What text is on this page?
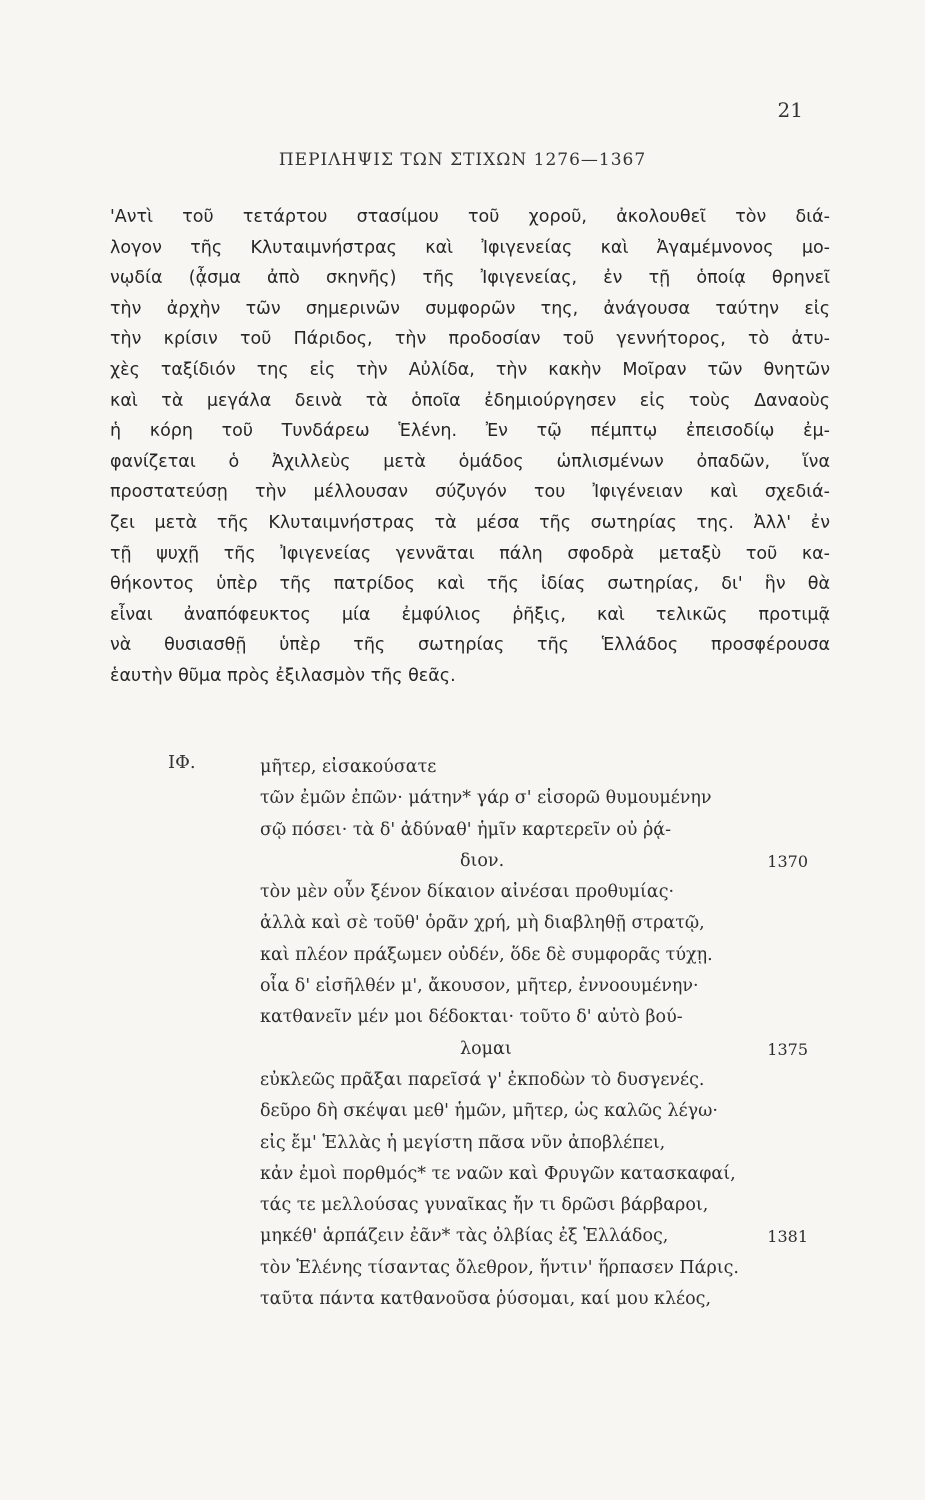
21
ΠΕΡΙΛΗΨΙΣ ΤΩΝ ΣΤΙΧΩΝ 1276—1367
'Αντὶ τοῦ τετάρτου στασίμου τοῦ χοροῦ, ἀκολουθεῖ τὸν διά-
λογον τῆς Κλυταιμνήστρας καὶ Ἰφιγενείας καὶ Ἀγαμέμνονος μο-
νῳδία (ᾆσμα ἀπὸ σκηνῆς) τῆς Ἰφιγενείας, ἐν τῇ ὁποίᾳ θρηνεῖ
τὴν ἀρχὴν τῶν σημερινῶν συμφορῶν της, ἀνάγουσα ταύτην εἰς
τὴν κρίσιν τοῦ Πάριδος, τὴν προδοσίαν τοῦ γεννήτορος, τὸ ἀτυ-
χὲς ταξίδιόν της εἰς τὴν Αὐλίδα, τὴν κακὴν Μοῖραν τῶν θνητῶν
καὶ τὰ μεγάλα δεινὰ τὰ ὁποῖα ἐδημιούργησεν εἰς τοὺς Δαναοὺς
ἡ κόρη τοῦ Τυνδάρεω Ἑλένη. Ἐν τῷ πέμπτῳ ἐπεισοδίῳ ἐμ-
φανίζεται ὁ Ἀχιλλεὺς μετὰ ὁμάδος ὡπλισμένων ὀπαδῶν, ἵνα
προστατεύσῃ τὴν μέλλουσαν σύζυγόν του Ἰφιγένειαν καὶ σχεδιά-
ζει μετὰ τῆς Κλυταιμνήστρας τὰ μέσα τῆς σωτηρίας της. Ἀλλ' ἐν
τῇ ψυχῇ τῆς Ἰφιγενείας γεννᾶται πάλη σφοδρὰ μεταξὺ τοῦ κα-
θήκοντος ὑπὲρ τῆς πατρίδος καὶ τῆς ἰδίας σωτηρίας, δι' ἣν θὰ
εἶναι ἀναπόφευκτος μία ἐμφύλιος ῥῆξις, καὶ τελικῶς προτιμᾷ
νὰ θυσιασθῇ ὑπὲρ τῆς σωτηρίας τῆς Ἑλλάδος προσφέρουσα
ἑαυτὴν θῦμα πρὸς ἐξιλασμὸν τῆς θεᾶς.
ΙΦ.	μῆτερ, εἰσακούσατε
τῶν ἐμῶν ἐπῶν· μάτην* γάρ σ' εἰσορῶ θυμουμένην
σῷ πόσει· τὰ δ' ἀδύναθ' ἡμῖν καρτερεῖν οὐ ῥᾴ-
διον.	1370
τὸν μὲν οὖν ξένον δίκαιον αἰνέσαι προθυμίας·
ἀλλὰ καὶ σὲ τοῦθ' ὁρᾶν χρή, μὴ διαβληθῇ στρατῷ,
καὶ πλέον πράξωμεν οὐδέν, ὅδε δὲ συμφορᾶς τύχῃ.
οἷα δ' εἰσῆλθέν μ', ἄκουσον, μῆτερ, ἐννοουμένην·
κατθανεῖν μέν μοι δέδοκται· τοῦτο δ' αὐτὸ βού-
λομαι	1375
εὐκλεῶς πρᾶξαι παρεῖσά γ' ἐκποδὼν τὸ δυσγενές.
δεῦρο δὴ σκέψαι μεθ' ἡμῶν, μῆτερ, ὡς καλῶς λέγω·
εἰς ἔμ' Ἑλλὰς ἡ μεγίστη πᾶσα νῦν ἀποβλέπει,
κἀν ἐμοὶ πορθμός* τε ναῶν καὶ Φρυγῶν κατασκαφαί,
τάς τε μελλούσας γυναῖκας ἤν τι δρῶσι βάρβαροι,
μηκέθ' ἁρπάζειν ἐᾶν* τὰς ὀλβίας ἐξ Ἑλλάδος,	1381
τὸν Ἑλένης τίσαντας ὄλεθρον, ἥντιν' ἥρπασεν Πάρις.
ταῦτα πάντα κατθανοῦσα ῥύσομαι, καί μου κλέος,
